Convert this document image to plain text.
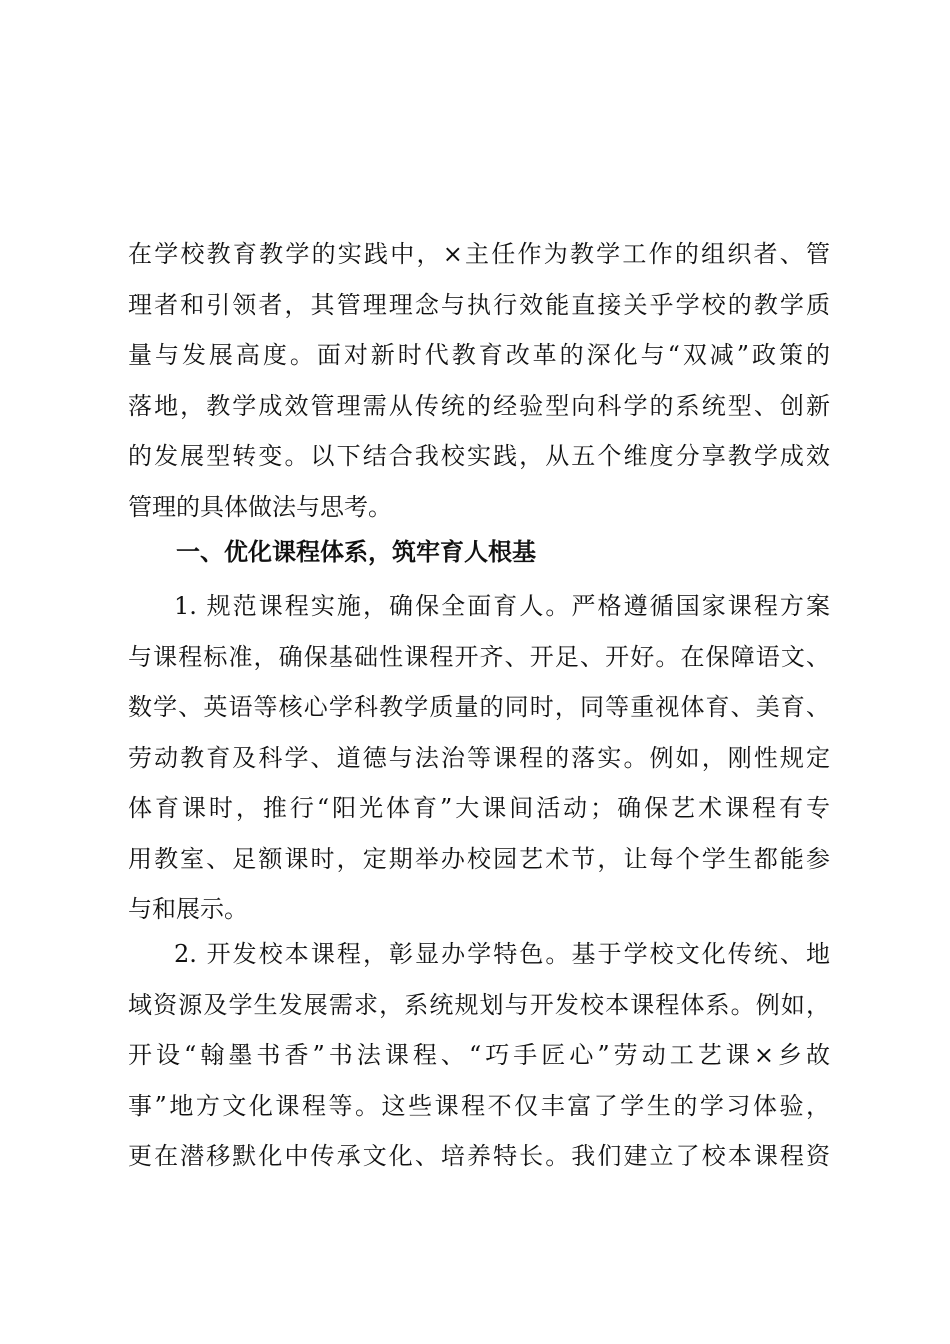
在学校教育教学的实践中，×主任作为教学工作的组织者、管
理者和引领者，其管理理念与执行效能直接关乎学校的教学质
量与发展高度。面对新时代教育改革的深化与“双减”政策的
落地，教学成效管理需从传统的经验型向科学的系统型、创新
的发展型转变。以下结合我校实践，从五个维度分享教学成效
管理的具体做法与思考。
一、优化课程体系，筑牢育人根基
1. 规范课程实施，确保全面育人。严格遵循国家课程方案
与课程标准，确保基础性课程开齐、开足、开好。在保障语文、
数学、英语等核心学科教学质量的同时，同等重视体育、美育、
劳动教育及科学、道德与法治等课程的落实。例如，刚性规定
体育课时，推行“阳光体育”大课间活动；确保艺术课程有专
用教室、足额课时，定期举办校园艺术节，让每个学生都能参
与和展示。
2. 开发校本课程，彰显办学特色。基于学校文化传统、地
域资源及学生发展需求，系统规划与开发校本课程体系。例如，
开设“翰墨书香”书法课程、“巧手匠心”劳动工艺课×乡故
事”地方文化课程等。这些课程不仅丰富了学生的学习体验，
更在潜移默化中传承文化、培养特长。我们建立了校本课程资
